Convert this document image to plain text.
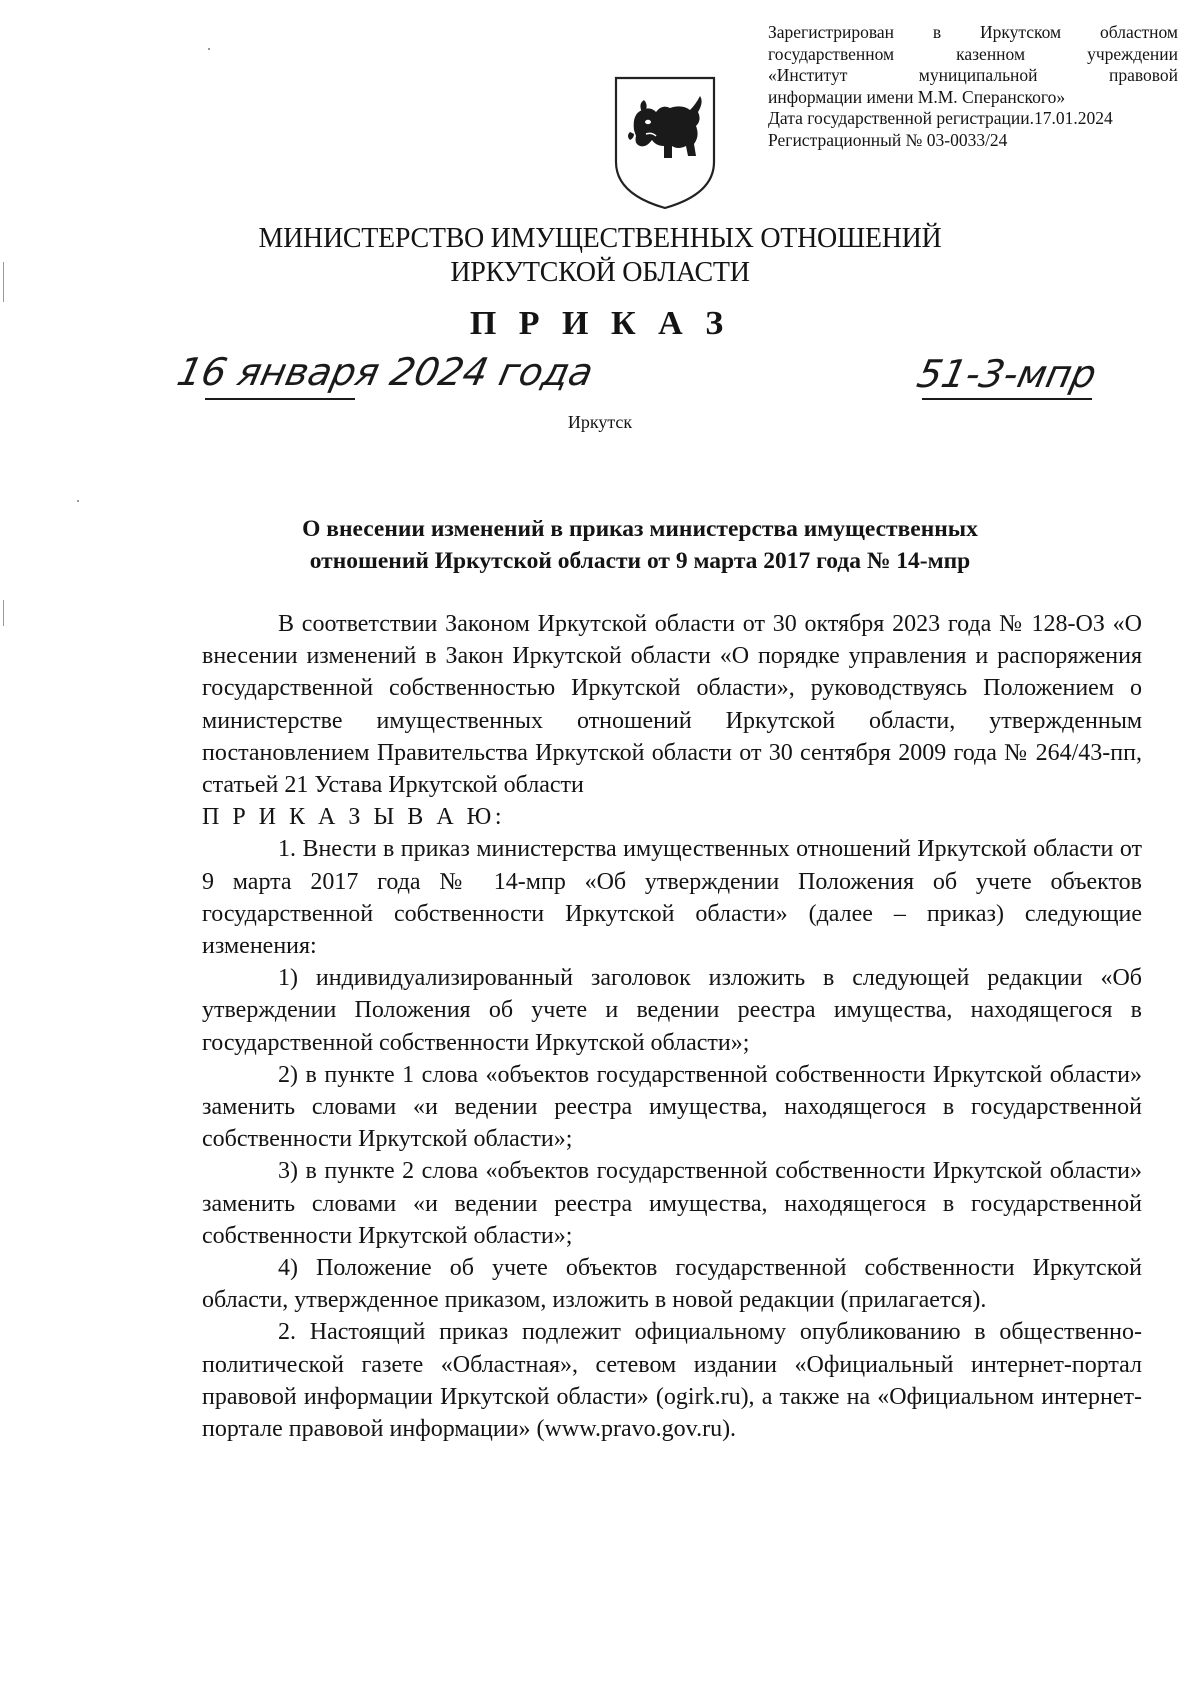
Зарегистрирован в Иркутском областном
государственном казенном учреждении
«Институт муниципальной правовой
информации имени М.М. Сперанского»
Дата государственной регистрации.17.01.2024
Регистрационный № 03-0033/24
МИНИСТЕРСТВО ИМУЩЕСТВЕННЫХ ОТНОШЕНИЙ
ИРКУТСКОЙ ОБЛАСТИ
П Р И К А З
16 января 2024 года	51-3-мпр
Иркутск
О внесении изменений в приказ министерства имущественных
отношений Иркутской области от 9 марта 2017 года № 14-мпр

В соответствии Законом Иркутской области от 30 октября 2023 года № 128-ОЗ «О внесении изменений в Закон Иркутской области «О порядке управления и распоряжения государственной собственностью Иркутской области», руководствуясь Положением о министерстве имущественных отношений Иркутской области, утвержденным постановлением Правительства Иркутской области от 30 сентября 2009 года № 264/43-пп, статьей 21 Устава Иркутской области

П Р И К А З Ы В А Ю:

1. Внести в приказ министерства имущественных отношений Иркутской области от 9 марта 2017 года № 14-мпр «Об утверждении Положения об учете объектов государственной собственности Иркутской области» (далее – приказ) следующие изменения:

1) индивидуализированный заголовок изложить в следующей редакции «Об утверждении Положения об учете и ведении реестра имущества, находящегося в государственной собственности Иркутской области»;

2) в пункте 1 слова «объектов государственной собственности Иркутской области» заменить словами «и ведении реестра имущества, находящегося в государственной собственности Иркутской области»;

3) в пункте 2 слова «объектов государственной собственности Иркутской области» заменить словами «и ведении реестра имущества, находящегося в государственной собственности Иркутской области»;

4) Положение об учете объектов государственной собственности Иркутской области, утвержденное приказом, изложить в новой редакции (прилагается).

2. Настоящий приказ подлежит официальному опубликованию в общественно-политической газете «Областная», сетевом издании «Официальный интернет-портал правовой информации Иркутской области» (ogirk.ru), а также на «Официальном интернет-портале правовой информации» (www.pravo.gov.ru).
